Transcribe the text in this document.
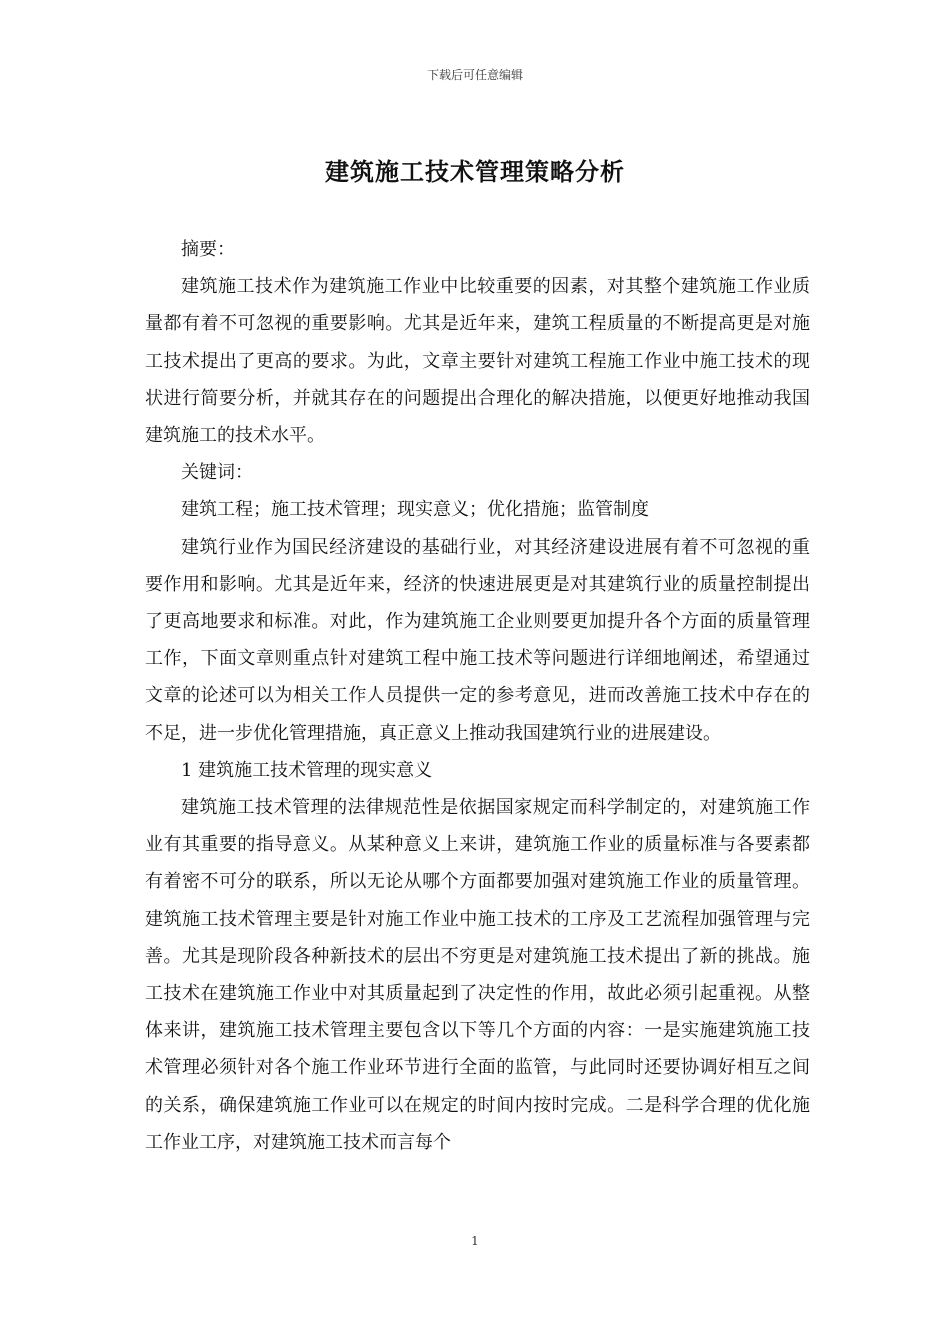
下载后可任意编辑
建筑施工技术管理策略分析

摘要：

建筑施工技术作为建筑施工作业中比较重要的因素，对其整个建筑施工作业质量都有着不可忽视的重要影响。尤其是近年来，建筑工程质量的不断提高更是对施工技术提出了更高的要求。为此，文章主要针对建筑工程施工作业中施工技术的现状进行简要分析，并就其存在的问题提出合理化的解决措施，以便更好地推动我国建筑施工的技术水平。

关键词：

建筑工程；施工技术管理；现实意义；优化措施；监管制度

建筑行业作为国民经济建设的基础行业，对其经济建设进展有着不可忽视的重要作用和影响。尤其是近年来，经济的快速进展更是对其建筑行业的质量控制提出了更高地要求和标准。对此，作为建筑施工企业则要更加提升各个方面的质量管理工作，下面文章则重点针对建筑工程中施工技术等问题进行详细地阐述，希望通过文章的论述可以为相关工作人员提供一定的参考意见，进而改善施工技术中存在的不足，进一步优化管理措施，真正意义上推动我国建筑行业的进展建设。

1 建筑施工技术管理的现实意义

建筑施工技术管理的法律规范性是依据国家规定而科学制定的，对建筑施工作业有其重要的指导意义。从某种意义上来讲，建筑施工作业的质量标准与各要素都有着密不可分的联系，所以无论从哪个方面都要加强对建筑施工作业的质量管理。建筑施工技术管理主要是针对施工作业中施工技术的工序及工艺流程加强管理与完善。尤其是现阶段各种新技术的层出不穷更是对建筑施工技术提出了新的挑战。施工技术在建筑施工作业中对其质量起到了决定性的作用，故此必须引起重视。从整体来讲，建筑施工技术管理主要包含以下等几个方面的内容：一是实施建筑施工技术管理必须针对各个施工作业环节进行全面的监管，与此同时还要协调好相互之间的关系，确保建筑施工作业可以在规定的时间内按时完成。二是科学合理的优化施工作业工序，对建筑施工技术而言每个

1
